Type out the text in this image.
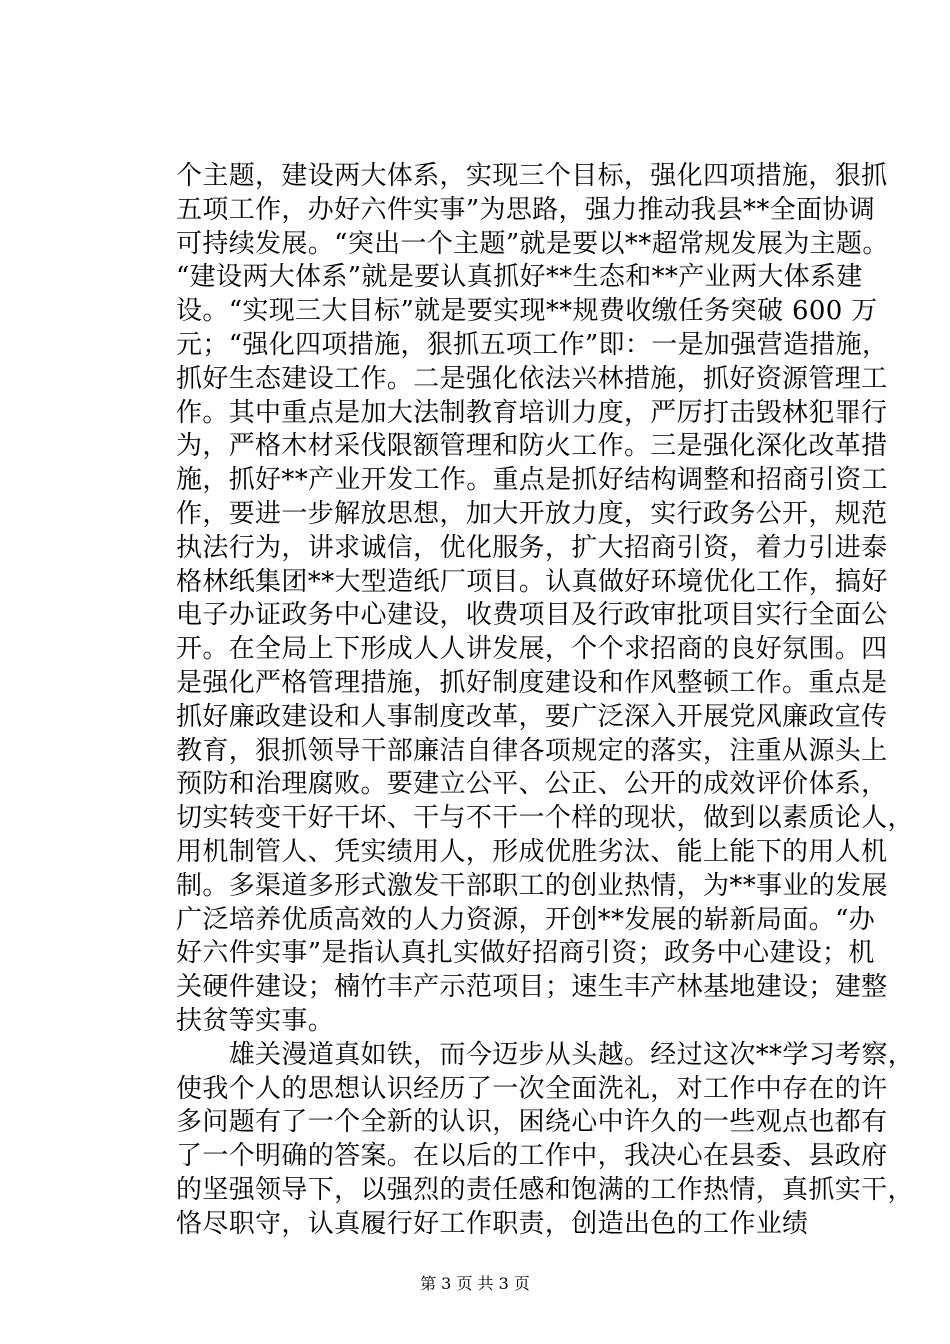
个主题，建设两大体系，实现三个目标，强化四项措施，狠抓
五项工作，办好六件实事”为思路，强力推动我县**全面协调
可持续发展。“突出一个主题”就是要以**超常规发展为主题。
“建设两大体系”就是要认真抓好**生态和**产业两大体系建
设。“实现三大目标”就是要实现**规费收缴任务突破 600 万
元；“强化四项措施，狠抓五项工作”即：一是加强营造措施，
抓好生态建设工作。二是强化依法兴林措施，抓好资源管理工
作。其中重点是加大法制教育培训力度，严厉打击毁林犯罪行
为，严格木材采伐限额管理和防火工作。三是强化深化改革措
施，抓好**产业开发工作。重点是抓好结构调整和招商引资工
作，要进一步解放思想，加大开放力度，实行政务公开，规范
执法行为，讲求诚信，优化服务，扩大招商引资，着力引进泰
格林纸集团**大型造纸厂项目。认真做好环境优化工作，搞好
电子办证政务中心建设，收费项目及行政审批项目实行全面公
开。在全局上下形成人人讲发展，个个求招商的良好氛围。四
是强化严格管理措施，抓好制度建设和作风整顿工作。重点是
抓好廉政建设和人事制度改革，要广泛深入开展党风廉政宣传
教育，狠抓领导干部廉洁自律各项规定的落实，注重从源头上
预防和治理腐败。要建立公平、公正、公开的成效评价体系，
切实转变干好干坏、干与不干一个样的现状，做到以素质论人，
用机制管人、凭实绩用人，形成优胜劣汰、能上能下的用人机
制。多渠道多形式激发干部职工的创业热情，为**事业的发展
广泛培养优质高效的人力资源，开创**发展的崭新局面。“办
好六件实事”是指认真扎实做好招商引资；政务中心建设；机
关硬件建设；楠竹丰产示范项目；速生丰产林基地建设；建整
扶贫等实事。
　　雄关漫道真如铁，而今迈步从头越。经过这次**学习考察，
使我个人的思想认识经历了一次全面洗礼，对工作中存在的许
多问题有了一个全新的认识，困绕心中许久的一些观点也都有
了一个明确的答案。在以后的工作中，我决心在县委、县政府
的坚强领导下，以强烈的责任感和饱满的工作热情，真抓实干，
恪尽职守，认真履行好工作职责，创造出色的工作业绩
第 3 页 共 3 页
